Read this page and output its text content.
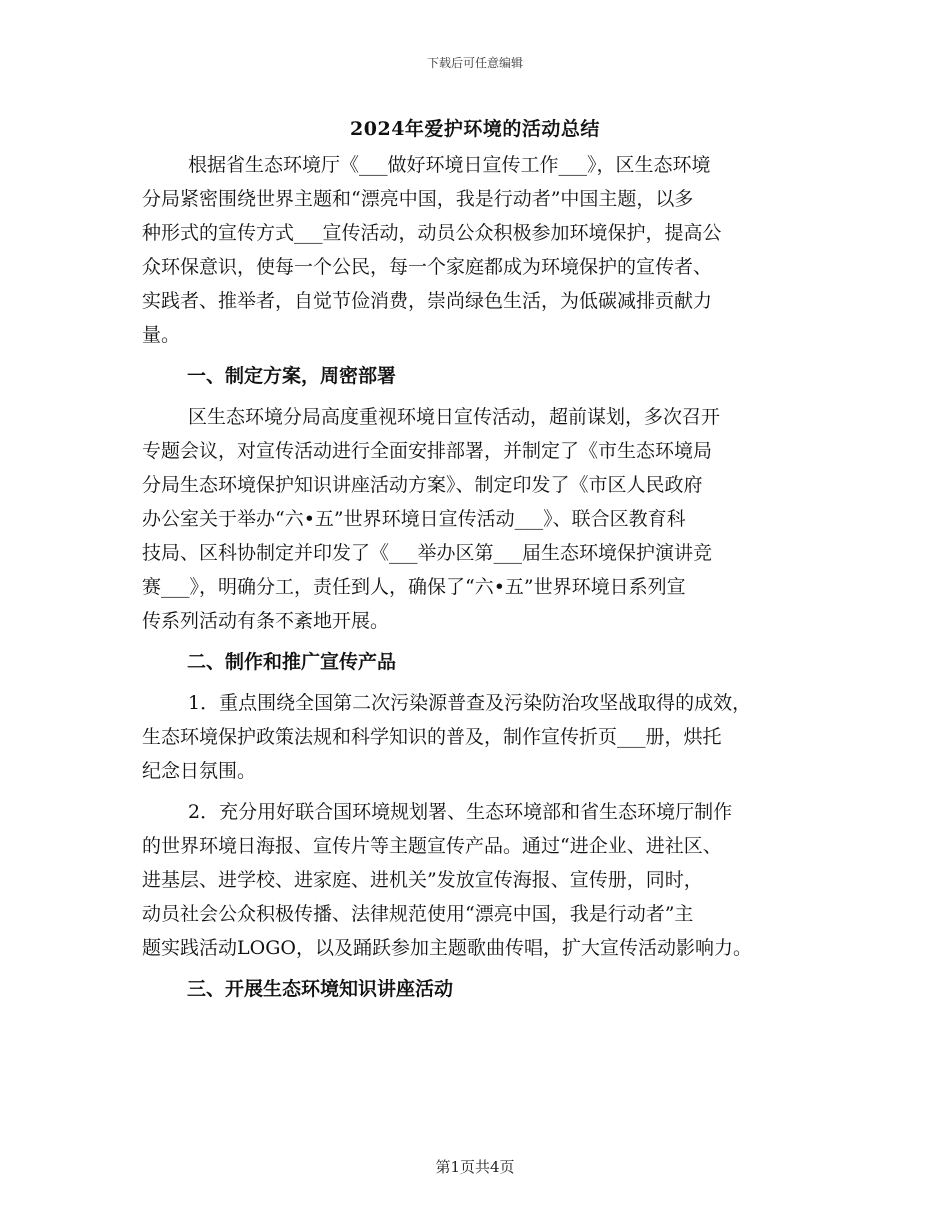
下载后可任意编辑
2024年爱护环境的活动总结

根据省生态环境厅《___做好环境日宣传工作___》，区生态环境

分局紧密围绕世界主题和“漂亮中国，我是行动者”中国主题，以多

种形式的宣传方式___宣传活动，动员公众积极参加环境保护，提高公

众环保意识，使每一个公民，每一个家庭都成为环境保护的宣传者、

实践者、推举者，自觉节俭消费，崇尚绿色生活，为低碳减排贡献力

量。

一、制定方案，周密部署

区生态环境分局高度重视环境日宣传活动，超前谋划，多次召开

专题会议，对宣传活动进行全面安排部署，并制定了《市生态环境局

分局生态环境保护知识讲座活动方案》、制定印发了《市区人民政府

办公室关于举办“六•五”世界环境日宣传活动___》、联合区教育科

技局、区科协制定并印发了《___举办区第___届生态环境保护演讲竞

赛___》，明确分工，责任到人，确保了“六•五”世界环境日系列宣

传系列活动有条不紊地开展。

二、制作和推广宣传产品

1．重点围绕全国第二次污染源普查及污染防治攻坚战取得的成效，

生态环境保护政策法规和科学知识的普及，制作宣传折页___册，烘托

纪念日氛围。

2．充分用好联合国环境规划署、生态环境部和省生态环境厅制作

的世界环境日海报、宣传片等主题宣传产品。通过“进企业、进社区、

进基层、进学校、进家庭、进机关”发放宣传海报、宣传册，同时，

动员社会公众积极传播、法律规范使用“漂亮中国，我是行动者”主

题实践活动LOGO，以及踊跃参加主题歌曲传唱，扩大宣传活动影响力。

三、开展生态环境知识讲座活动
第1页共4页
